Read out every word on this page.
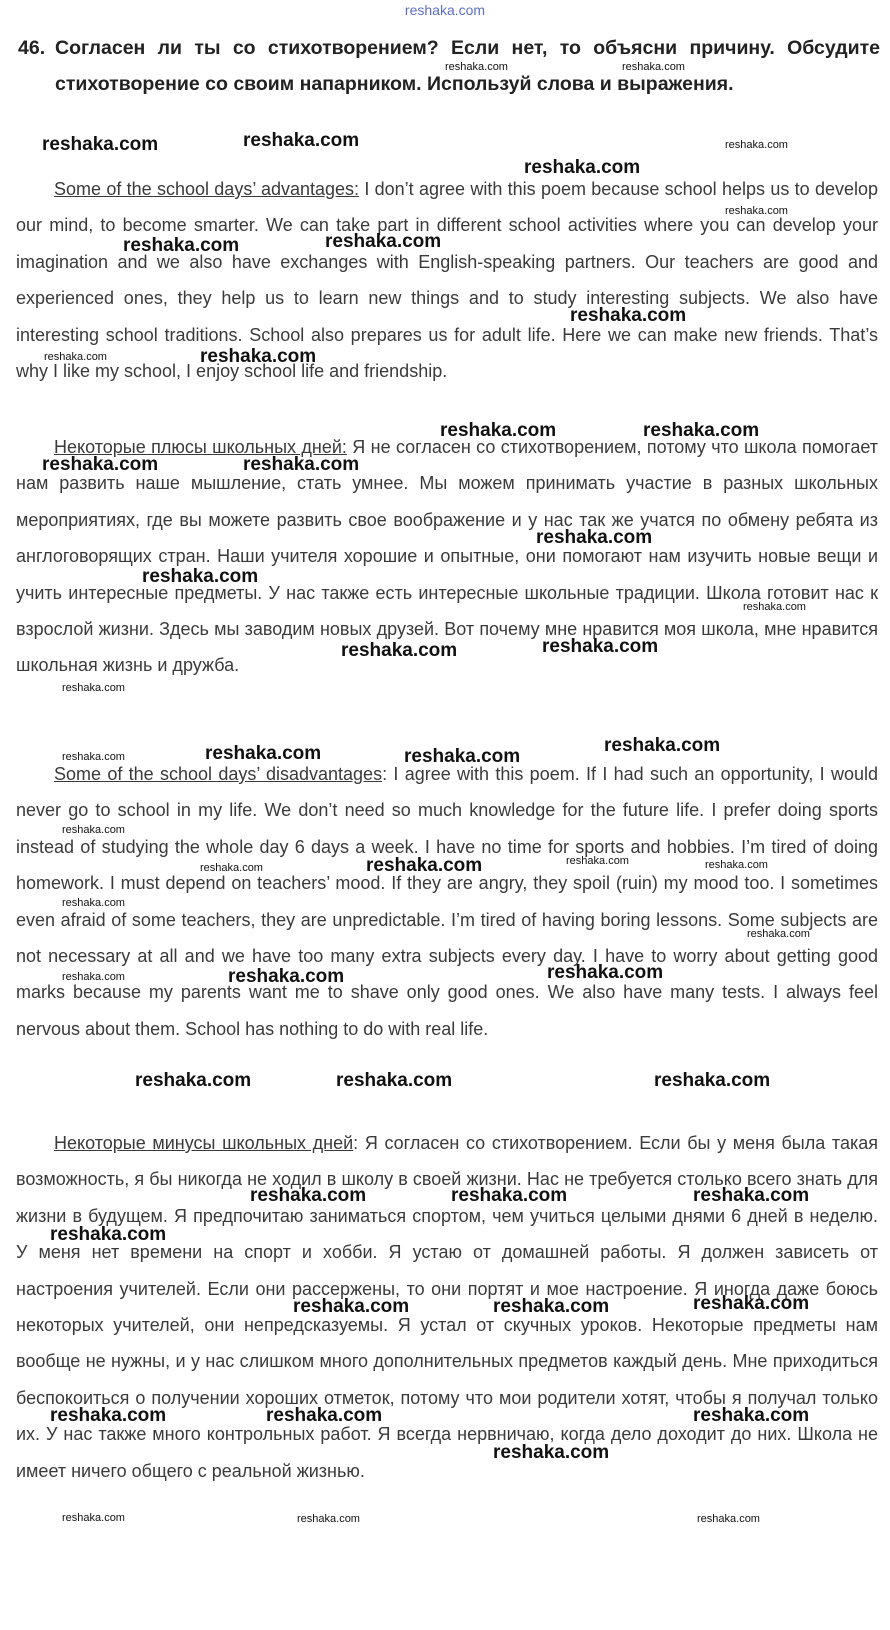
reshaka.com
46. Согласен ли ты со стихотворением? Если нет, то объясни причину. Обсудите стихотворение со своим напарником. Используй слова и выражения.

Some of the school days’ advantages: I don’t agree with this poem because school helps us to develop our mind, to become smarter. We can take part in different school activities where you can develop your imagination and we also have exchanges with English-speaking partners. Our teachers are good and experienced ones, they help us to learn new things and to study interesting subjects. We also have interesting school traditions. School also prepares us for adult life. Here we can make new friends. That’s why I like my school, I enjoy school life and friendship.

Некоторые плюсы школьных дней: Я не согласен со стихотворением, потому что школа помогает нам развить наше мышление, стать умнее. Мы можем принимать участие в разных школьных мероприятиях, где вы можете развить свое воображение и у нас так же учатся по обмену ребята из англоговорящих стран. Наши учителя хорошие и опытные, они помогают нам изучить новые вещи и учить интересные предметы. У нас также есть интересные школьные традиции. Школа готовит нас к взрослой жизни. Здесь мы заводим новых друзей. Вот почему мне нравится моя школа, мне нравится школьная жизнь и дружба.

Some of the school days’ disadvantages: I agree with this poem. If I had such an opportunity, I would never go to school in my life. We don’t need so much knowledge for the future life. I prefer doing sports instead of studying the whole day 6 days a week. I have no time for sports and hobbies. I’m tired of doing homework. I must depend on teachers’ mood. If they are angry, they spoil (ruin) my mood too. I sometimes even afraid of some teachers, they are unpredictable. I’m tired of having boring lessons. Some subjects are not necessary at all and we have too many extra subjects every day. I have to worry about getting good marks because my parents want me to shave only good ones. We also have many tests. I always feel nervous about them. School has nothing to do with real life.

Некоторые минусы школьных дней: Я согласен со стихотворением. Если бы у меня была такая возможность, я бы никогда не ходил в школу в своей жизни. Нас не требуется столько всего знать для жизни в будущем. Я предпочитаю заниматься спортом, чем учиться целыми днями 6 дней в неделю. У меня нет времени на спорт и хобби. Я устаю от домашней работы. Я должен зависеть от настроения учителей. Если они рассержены, то они портят и мое настроение. Я иногда даже боюсь некоторых учителей, они непредсказуемы. Я устал от скучных уроков. Некоторые предметы нам вообще не нужны, и у нас слишком много дополнительных предметов каждый день. Мне приходиться беспокоиться о получении хороших отметок, потому что мои родители хотят, чтобы я получал только их. У нас также много контрольных работ. Я всегда нервничаю, когда дело доходит до них. Школа не имеет ничего общего с реальной жизнью.

reshaka.com	reshaka.com
reshaka.com	reshaka.com	reshaka.com
reshaka.com
reshaka.com
reshaka.com	reshaka.com
reshaka.com
reshaka.com	reshaka.com
reshaka.com	reshaka.com
reshaka.com	reshaka.com
reshaka.com
reshaka.com
reshaka.com
reshaka.com
reshaka.com
reshaka.com
reshaka.com	reshaka.com	reshaka.com
reshaka.com
reshaka.com
reshaka.com	reshaka.com	reshaka.com	reshaka.com
reshaka.com
reshaka.com
reshaka.com	reshaka.com	reshaka.com
reshaka.com	reshaka.com	reshaka.com
reshaka.com	reshaka.com	reshaka.com
reshaka.com
reshaka.com	reshaka.com	reshaka.com
reshaka.com	reshaka.com	reshaka.com
reshaka.com
reshaka.com	reshaka.com	reshaka.com
